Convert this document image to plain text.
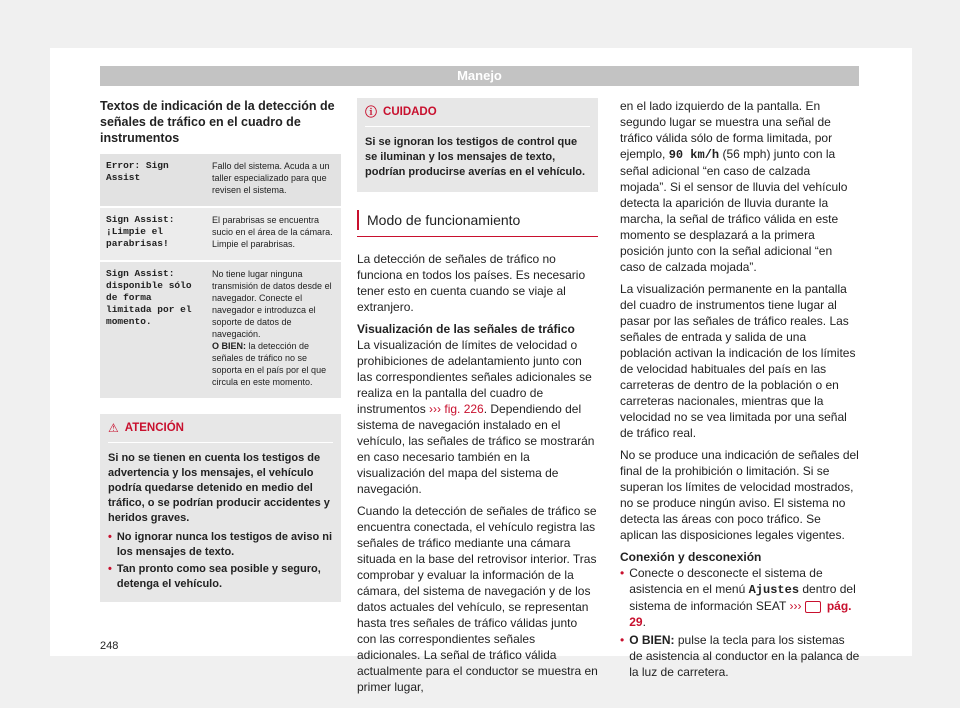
Manejo
Textos de indicación de la detección de señales de tráfico en el cuadro de instrumentos
Error: Sign Assist	Fallo del sistema. Acuda a un taller especializado para que revisen el sistema.
Sign Assist: ¡Limpie el parabrisas!	El parabrisas se encuentra sucio en el área de la cámara. Limpie el parabrisas.
Sign Assist: disponible sólo de forma limitada por el momento.	No tiene lugar ninguna transmisión de datos desde el navegador. Conecte el navegador e introduzca el soporte de datos de navegación.
O BIEN: la detección de señales de tráfico no se soporta en el país por el que circula en este momento.
⚠ ATENCIÓN

Si no se tienen en cuenta los testigos de advertencia y los mensajes, el vehículo podría quedarse detenido en medio del tráfico, o se podrían producir accidentes y heridos graves.

• No ignorar nunca los testigos de aviso ni los mensajes de texto.
• Tan pronto como sea posible y seguro, detenga el vehículo.
ⓘ CUIDADO

Si se ignoran los testigos de control que se iluminan y los mensajes de texto, podrían producirse averías en el vehículo.

Modo de funcionamiento

La detección de señales de tráfico no funciona en todos los países. Es necesario tener esto en cuenta cuando se viaje al extranjero.

Visualización de las señales de tráfico

La visualización de límites de velocidad o prohibiciones de adelantamiento junto con las correspondientes señales adicionales se realiza en la pantalla del cuadro de instrumentos ››› fig. 226. Dependiendo del sistema de navegación instalado en el vehículo, las señales de tráfico se mostrarán en caso necesario también en la visualización del mapa del sistema de navegación.

Cuando la detección de señales de tráfico se encuentra conectada, el vehículo registra las señales de tráfico mediante una cámara situada en la base del retrovisor interior. Tras comprobar y evaluar la información de la cámara, del sistema de navegación y de los datos actuales del vehículo, se representan hasta tres señales de tráfico válidas junto con las correspondientes señales adicionales. La señal de tráfico válida actualmente para el conductor se muestra en primer lugar,

en el lado izquierdo de la pantalla. En segundo lugar se muestra una señal de tráfico válida sólo de forma limitada, por ejemplo, 90 km/h (56 mph) junto con la señal adicional “en caso de calzada mojada”. Si el sensor de lluvia del vehículo detecta la aparición de lluvia durante la marcha, la señal de tráfico válida en este momento se desplazará a la primera posición junto con la señal adicional “en caso de calzada mojada”.

La visualización permanente en la pantalla del cuadro de instrumentos tiene lugar al pasar por las señales de tráfico reales. Las señales de entrada y salida de una población activan la indicación de los límites de velocidad habituales del país en las carreteras de dentro de la población o en carreteras nacionales, mientras que la velocidad no se vea limitada por una señal de tráfico real.

No se produce una indicación de señales del final de la prohibición o limitación. Si se superan los límites de velocidad mostrados, no se produce ningún aviso. El sistema no detecta las áreas con poco tráfico. Se aplican las disposiciones legales vigentes.

Conexión y desconexión
• Conecte o desconecte el sistema de asistencia en el menú Ajustes dentro del sistema de información SEAT ››› pág. 29.
• O BIEN: pulse la tecla para los sistemas de asistencia al conductor en la palanca de la luz de carretera.
248
